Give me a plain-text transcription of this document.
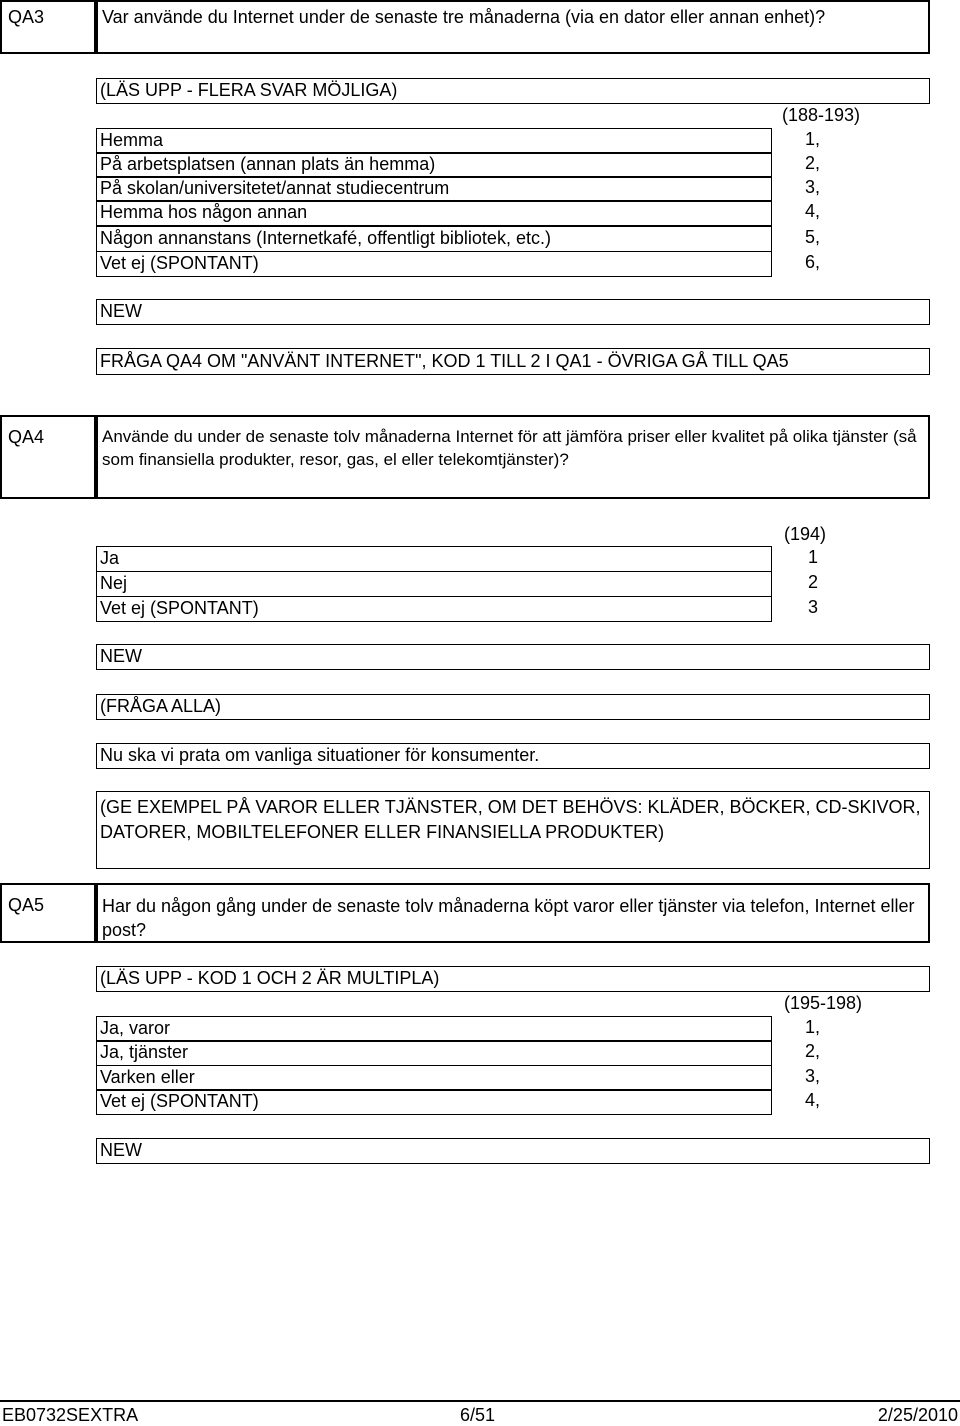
QA3	Var använde du Internet under de senaste tre månaderna (via en dator eller annan enhet)?
(LÄS UPP - FLERA SVAR MÖJLIGA)
(188-193)
Hemma	1,
På arbetsplatsen (annan plats än hemma)	2,
På skolan/universitetet/annat studiecentrum	3,
Hemma hos någon annan	4,
Någon annanstans (Internetkafé, offentligt bibliotek, etc.)	5,
Vet ej (SPONTANT)	6,
NEW
FRÅGA QA4 OM "ANVÄNT INTERNET", KOD 1 TILL 2 I QA1 - ÖVRIGA GÅ TILL QA5
QA4	Använde du under de senaste tolv månaderna Internet för att jämföra priser eller kvalitet på olika tjänster (så som finansiella produkter, resor, gas, el eller telekomtjänster)?
(194)
Ja	1
Nej	2
Vet ej (SPONTANT)	3
NEW
(FRÅGA ALLA)
Nu ska vi prata om vanliga situationer för konsumenter.
(GE EXEMPEL PÅ VAROR ELLER TJÄNSTER, OM DET BEHÖVS: KLÄDER, BÖCKER, CD-SKIVOR, DATORER, MOBILTELEFONER ELLER FINANSIELLA PRODUKTER)
QA5	Har du någon gång under de senaste tolv månaderna köpt varor eller tjänster via telefon, Internet eller post?
(LÄS UPP - KOD 1 OCH 2 ÄR MULTIPLA)
(195-198)
Ja, varor	1,
Ja, tjänster	2,
Varken eller	3,
Vet ej (SPONTANT)	4,
NEW
EB0732SEXTRA	6/51	2/25/2010
